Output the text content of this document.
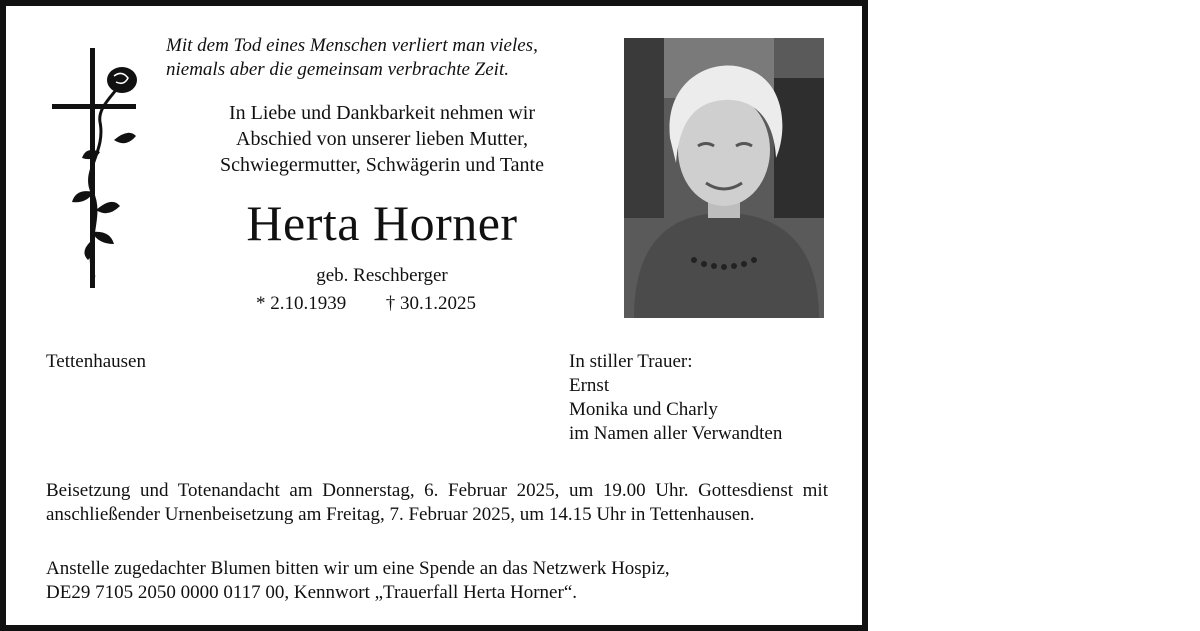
Mit dem Tod eines Menschen verliert man vieles,
niemals aber die gemeinsam verbrachte Zeit.
In Liebe und Dankbarkeit nehmen wir
Abschied von unserer lieben Mutter,
Schwiegermutter, Schwägerin und Tante
Herta Horner
geb. Reschberger
* 2.10.1939 † 30.1.2025
Tettenhausen	In stiller Trauer:
Ernst
Monika und Charly
im Namen aller Verwandten
Beisetzung und Totenandacht am Donnerstag, 6. Februar 2025, um 19.00 Uhr. Gottesdienst mit anschließender Urnenbeisetzung am Freitag, 7. Februar 2025, um 14.15 Uhr in Tettenhausen.
Anstelle zugedachter Blumen bitten wir um eine Spende an das Netzwerk Hospiz,
DE29 7105 2050 0000 0117 00, Kennwort „Trauerfall Herta Horner“.
